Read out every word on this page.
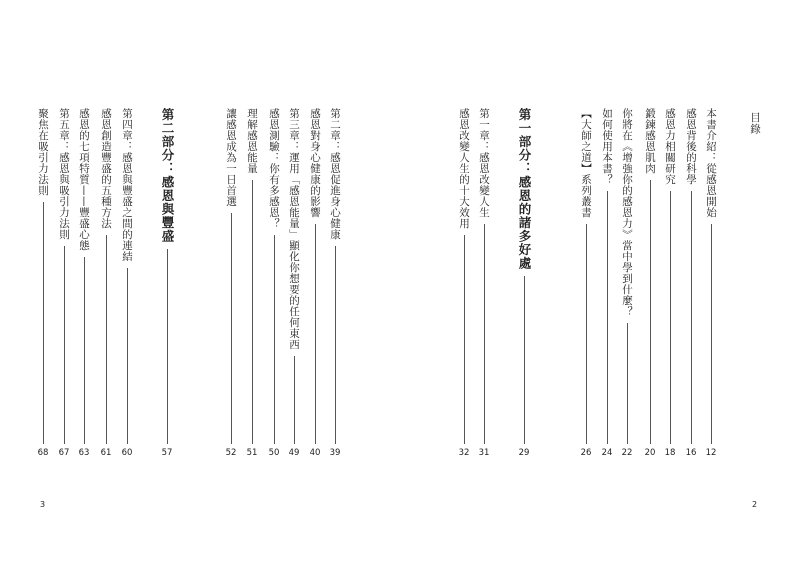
目錄
本書介紹：從感恩開始
12
感恩背後的科學
16
感恩力相關研究
18
鍛鍊感恩肌肉
20
你將在《增強你的感恩力》當中學到什麼？
22
如何使用本書？
24
【大師之道】系列叢書
26
第一部分：感恩的諸多好處
29
第一章：感恩改變人生
31
感恩改變人生的十大效用
32
第二章：感恩促進身心健康
39
感恩對身心健康的影響
40
第三章：運用「感恩能量」顯化你想要的任何東西
49
感恩測驗：你有多感恩？
50
理解感恩能量
51
讓感恩成為一日首選
52
第二部分：感恩與豐盛
57
第四章：感恩與豐盛之間的連結
60
感恩創造豐盛的五種方法
61
感恩的七項特質——豐盛心態
63
第五章：感恩與吸引力法則
67
聚焦在吸引力法則
68
3	2
